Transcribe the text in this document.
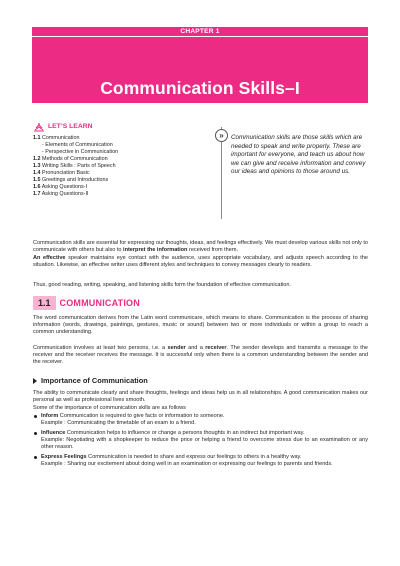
CHAPTER 1
Communication Skills–I
LET’S LEARN
1.1 Communication
- Elements of Communication
- Perspective in Communication
1.2 Methods of Communication
1.3 Writing Skills : Parts of Speech
1.4 Pronunciation Basic
1.5 Greetings and Introductions
1.6 Asking Questions-I
1.7 Asking Questions-II
»	Communication skills are those skills which are needed to speak and write properly. These are important for everyone, and teach us about how we can give and receive information and convey our ideas and opinions to those around us.
Communication skills are essential for expressing our thoughts, ideas, and feelings effectively. We must develop various skills not only to communicate with others but also to interpret the information received from them.
An effective speaker maintains eye contact with the audience, uses appropriate vocabulary, and adjusts speech according to the situation. Likewise, an effective writer uses different styles and techniques to convey messages clearly to readers.
Thus, good reading, writing, speaking, and listening skills form the foundation of effective communication.
1.1	COMMUNICATION
The word communication derives from the Latin word communicare, which means to share. Communication is the process of sharing information (words, drawings, paintings, gestures, music or sound) between two or more individuals or within a group to reach a common understanding.
Communication involves at least two persons, i.e. a sender and a receiver. The sender develops and transmits a message to the receiver and the receiver receives the message. It is successful only when there is a common understanding between the sender and the receiver.
Importance of Communication
The ability to communicate clearly and share thoughts, feelings and ideas help us in all relationships. A good communication makes our personal as well as professional lives smooth.
Some of the importance of communication skills are as follows
Inform Communication is required to give facts or information to someone.
Example : Communicating the timetable of an exam to a friend.
Influence Communication helps to influence or change a persons thoughts in an indirect but important way.
Example: Negotiating with a shopkeeper to reduce the price or helping a friend to overcome stress due to an examination or any other reason.
Express Feelings Communication is needed to share and express our feelings to others in a healthy way.
Example : Sharing our excitement about doing well in an examination or expressing our feelings to parents and friends.
